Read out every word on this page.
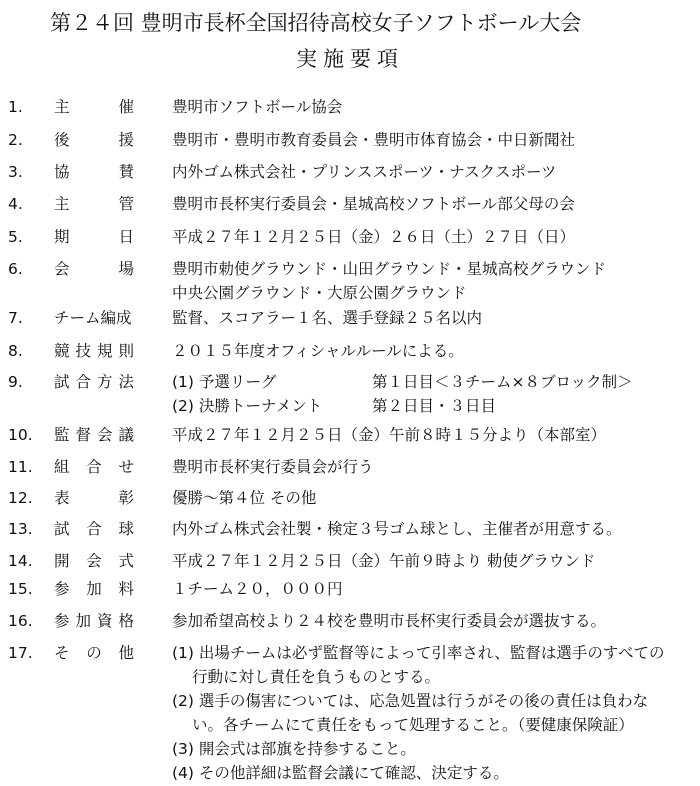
第２４回 豊明市長杯全国招待高校女子ソフトボール大会
実施要項
1.	主	催 豊明市ソフトボール協会
2.	後	援 豊明市・豊明市教育委員会・豊明市体育協会・中日新聞社
3.	協	賛 内外ゴム株式会社・プリンススポーツ・ナスクスポーツ
4.	主	管 豊明市長杯実行委員会・星城高校ソフトボール部父母の会
5.	期	日 平成２７年１２月２５日（金）２６日（土）２７日（日）
6.	会	場 豊明市勅使グラウンド・山田グラウンド・星城高校グラウンド
中央公園グラウンド・大原公園グラウンド
7.	チーム編成	監督、スコアラー１名、選手登録２５名以内
8.	競 技 規 則 ２０１５年度オフィシャルルールによる。
9.	試 合 方 法 (1) 予選リーグ	第１日目＜３チーム×８ブロック制＞
(2) 決勝トーナメント	第２日目・３日目
10.	監 督 会 議 平成２７年１２月２５日（金）午前８時１５分より（本部室）
11.	組 合 せ 豊明市長杯実行委員会が行う
12.	表	彰 優勝～第４位 その他
13.	試 合 球 内外ゴム株式会社製・検定３号ゴム球とし、主催者が用意する。
14.	開 会 式 平成２７年１２月２５日（金）午前９時より 勅使グラウンド
15.	参 加 料 １チーム２０，０００円
16.	参 加 資 格 参加希望高校より２４校を豊明市長杯実行委員会が選抜する。
17.	そ の 他 (1) 出場チームは必ず監督等によって引率され、監督は選手のすべての
行動に対し責任を負うものとする。
(2) 選手の傷害については、応急処置は行うがその後の責任は負わな
い。各チームにて責任をもって処理すること。（要健康保険証）
(3) 開会式は部旗を持参すること。
(4) その他詳細は監督会議にて確認、決定する。
